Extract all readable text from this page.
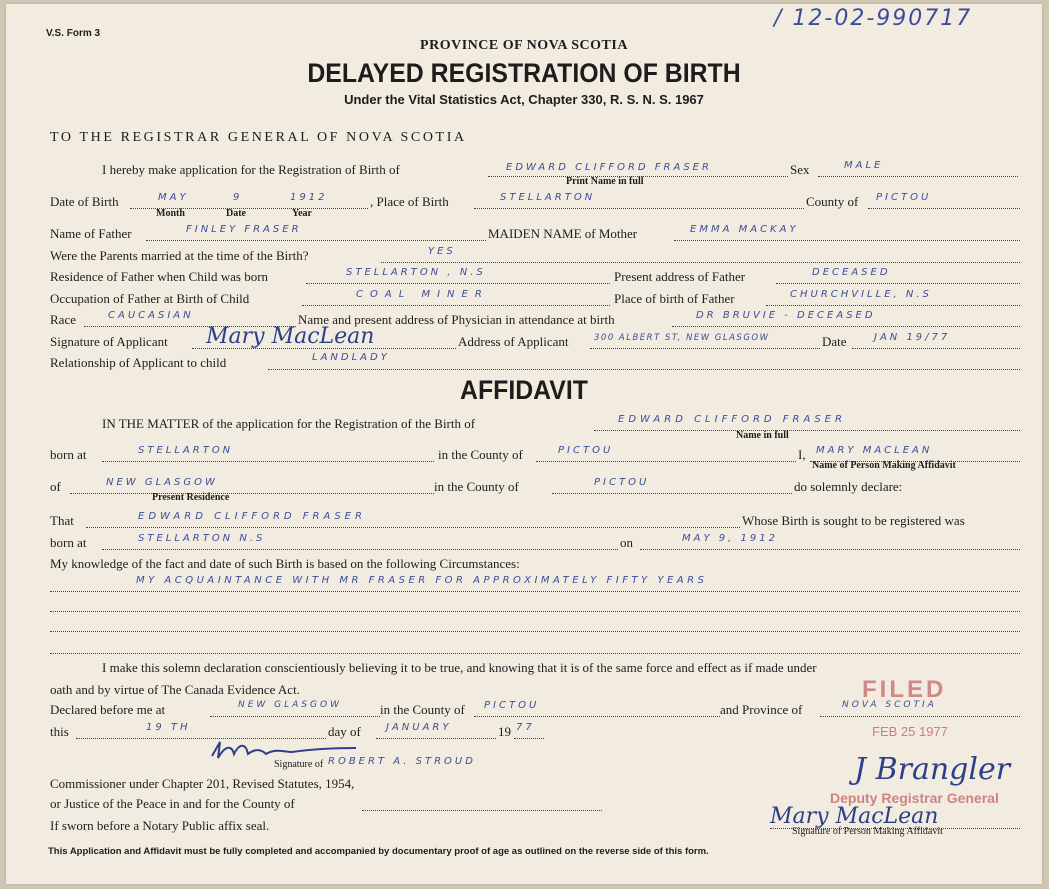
V.S. Form 3
/ 12-02-990717
PROVINCE OF NOVA SCOTIA
DELAYED REGISTRATION OF BIRTH
Under the Vital Statistics Act, Chapter 330, R. S. N. S. 1967
TO THE REGISTRAR GENERAL OF NOVA SCOTIA
I hereby make application for the Registration of Birth of	EDWARD CLIFFORD FRASER
Print Name in full
Sex	MALE
Date of Birth	MAY	9	1912
Month	Date	Year
, Place of Birth	STELLARTON	County of PICTOU
Name of Father	FINLEY FRASER	MAIDEN NAME of Mother	EMMA MACKAY
Were the Parents married at the time of the Birth?	YES
Residence of Father when Child was born	STELLARTON , N.S	Present address of Father	DECEASED
Occupation of Father at Birth of Child	COAL MINER	Place of birth of Father	CHURCHVILLE, N.S
Race	CAUCASIAN	Name and present address of Physician in attendance at birth	DR BRUVIE - DECEASED
Signature of Applicant Mary MacLean	Address of Applicant	300 ALBERT ST, NEW GLASGOW	Date	JAN 19/77
Relationship of Applicant to child	LANDLADY
AFFIDAVIT
IN THE MATTER of the application for the Registration of the Birth of	EDWARD CLIFFORD FRASER
Name in full
born at	STELLARTON	in the County of	PICTOU	I, MARY MACLEAN
Name of Person Making Affidavit
of	NEW GLASGOW
Present Residence
in the County of	PICTOU	do solemnly declare:
That	EDWARD CLIFFORD FRASER	Whose Birth is sought to be registered was
born at	STELLARTON N.S	on	MAY 9, 1912
My knowledge of the fact and date of such Birth is based on the following Circumstances:
MY ACQUAINTANCE WITH MR FRASER FOR APPROXIMATELY FIFTY YEARS
I make this solemn declaration conscientiously believing it to be true, and knowing that it is of the same force and effect as if made under
oath and by virtue of The Canada Evidence Act.
Declared before me at	NEW GLASGOW	in the County of PICTOU	and Province of	NOVA SCOTIA
this	19 TH	day of	JANUARY	19 77
Signature of ROBERT A. STROUD
Commissioner under Chapter 201, Revised Statutes, 1954,
or Justice of the Peace in and for the County of
If sworn before a Notary Public affix seal.
FILED
FEB 25 1977
J Brangler
Deputy Registrar General
Mary MacLean
Signature of Person Making Affidavit
This Application and Affidavit must be fully completed and accompanied by documentary proof of age as outlined on the reverse side of this form.
